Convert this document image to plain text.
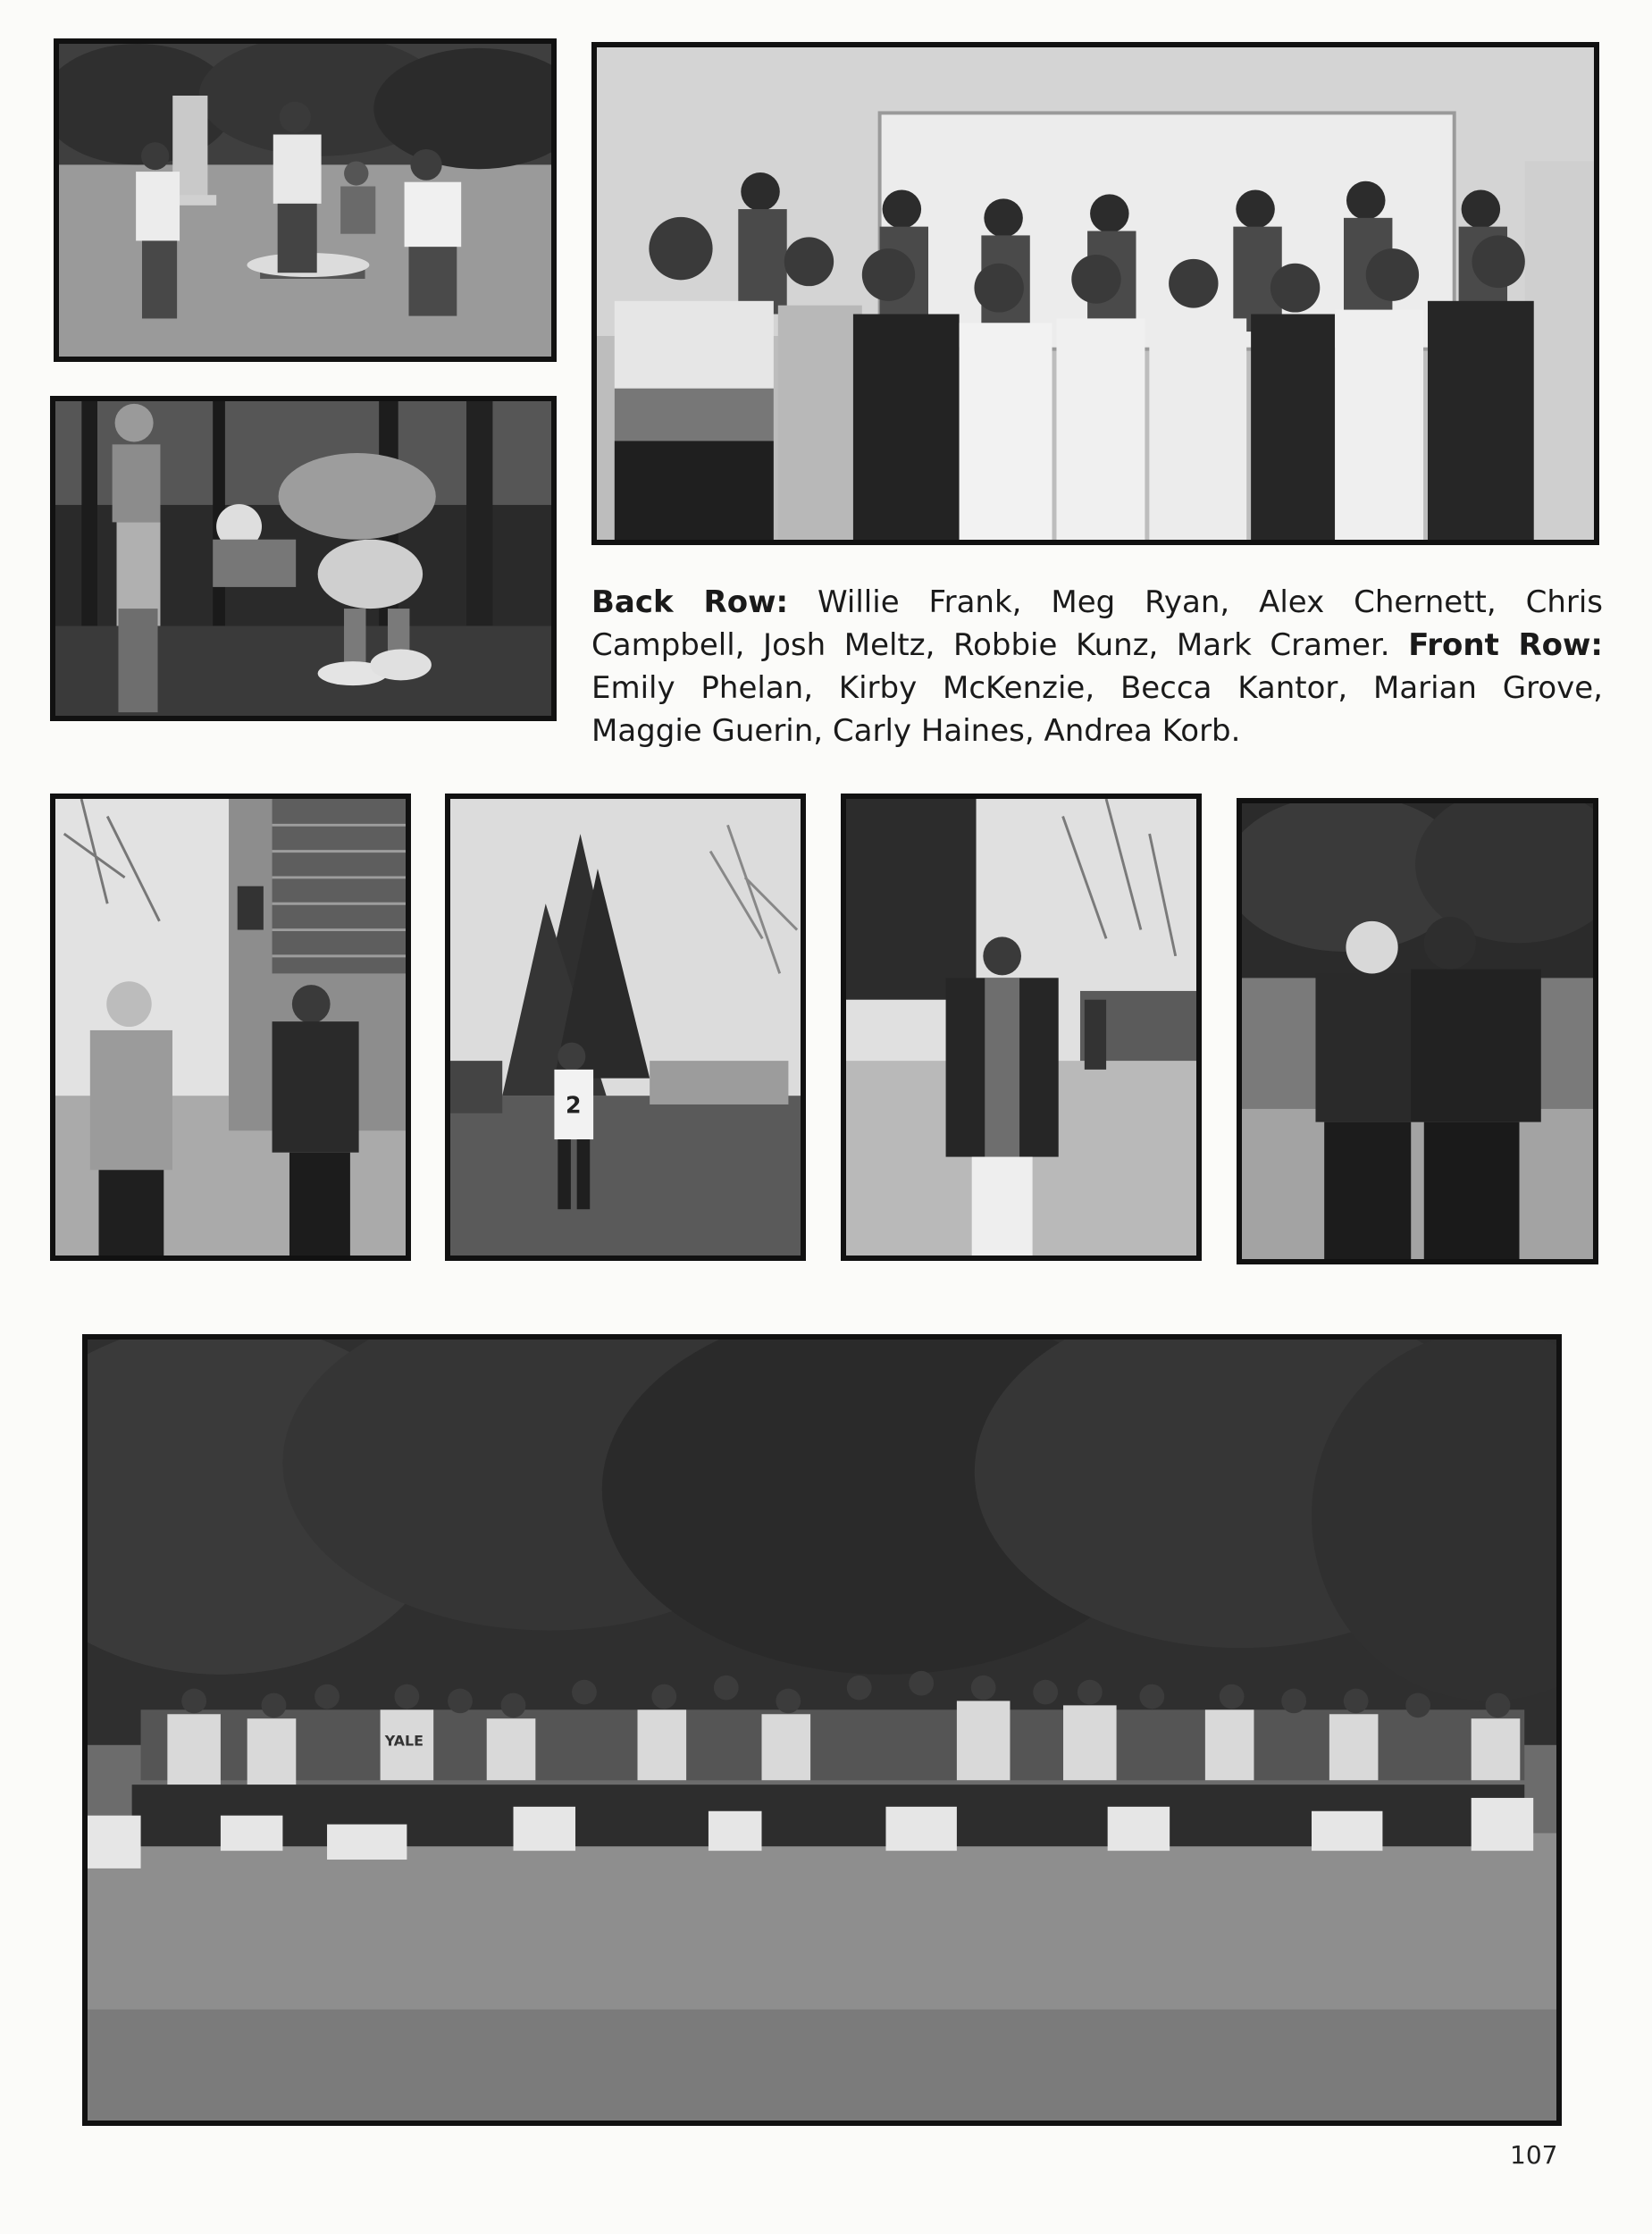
Back Row: Willie Frank, Meg Ryan, Alex Chernett, Chris Campbell, Josh Meltz, Robbie Kunz, Mark Cramer. Front Row: Emily Phelan, Kirby McKenzie, Becca Kantor, Marian Grove, Maggie Guerin, Carly Haines, Andrea Korb.
2
YALE
107
